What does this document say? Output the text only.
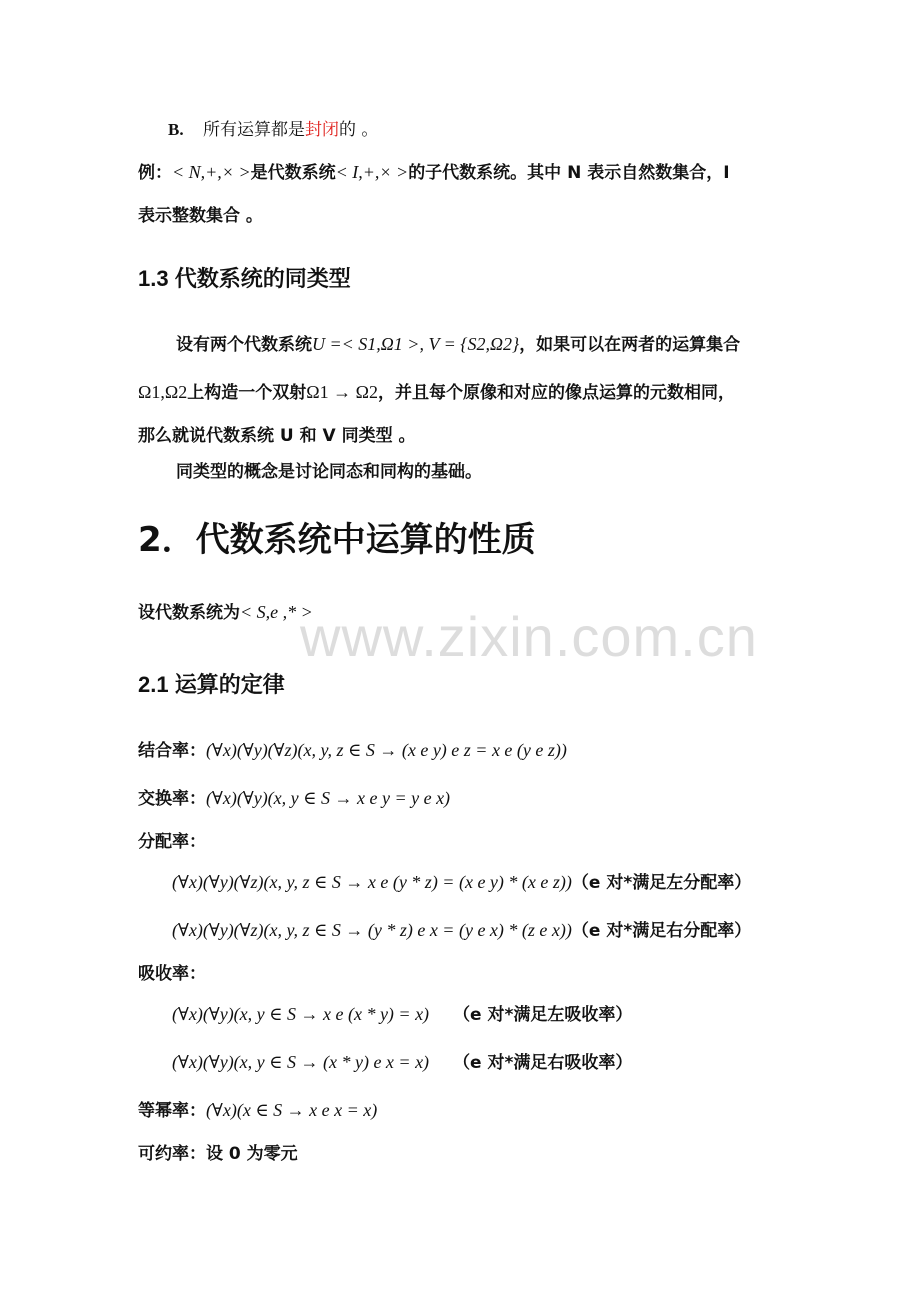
B. 所有运算都是封闭的 。
例：< N,+,× >是代数系统< I,+,× >的子代数系统。其中 N 表示自然数集合，I
表示整数集合 。
1.3 代数系统的同类型
设有两个代数系统U =< S1,Ω1 >, V = {S2,Ω2}，如果可以在两者的运算集合
Ω1,Ω2上构造一个双射Ω1 → Ω2，并且每个原像和对应的像点运算的元数相同，
那么就说代数系统 U 和 V 同类型 。
同类型的概念是讨论同态和同构的基础。
2．代数系统中运算的性质
设代数系统为< S,e ,* >
www.zixin.com.cn
2.1 运算的定律
结合率：(∀x)(∀y)(∀z)(x, y, z ∈ S → (x e y) e z = x e (y e z))
交换率：(∀x)(∀y)(x, y ∈ S → x e y = y e x)
分配率：
(∀x)(∀y)(∀z)(x, y, z ∈ S → x e (y * z) = (x e y) * (x e z))（e 对*满足左分配率）
(∀x)(∀y)(∀z)(x, y, z ∈ S → (y * z) e x = (y e x) * (z e x))（e 对*满足右分配率）
吸收率：
(∀x)(∀y)(x, y ∈ S → x e (x * y) = x) （e 对*满足左吸收率）
(∀x)(∀y)(x, y ∈ S → (x * y) e x = x) （e 对*满足右吸收率）
等幂率：(∀x)(x ∈ S → x e x = x)
可约率：设 0 为零元
